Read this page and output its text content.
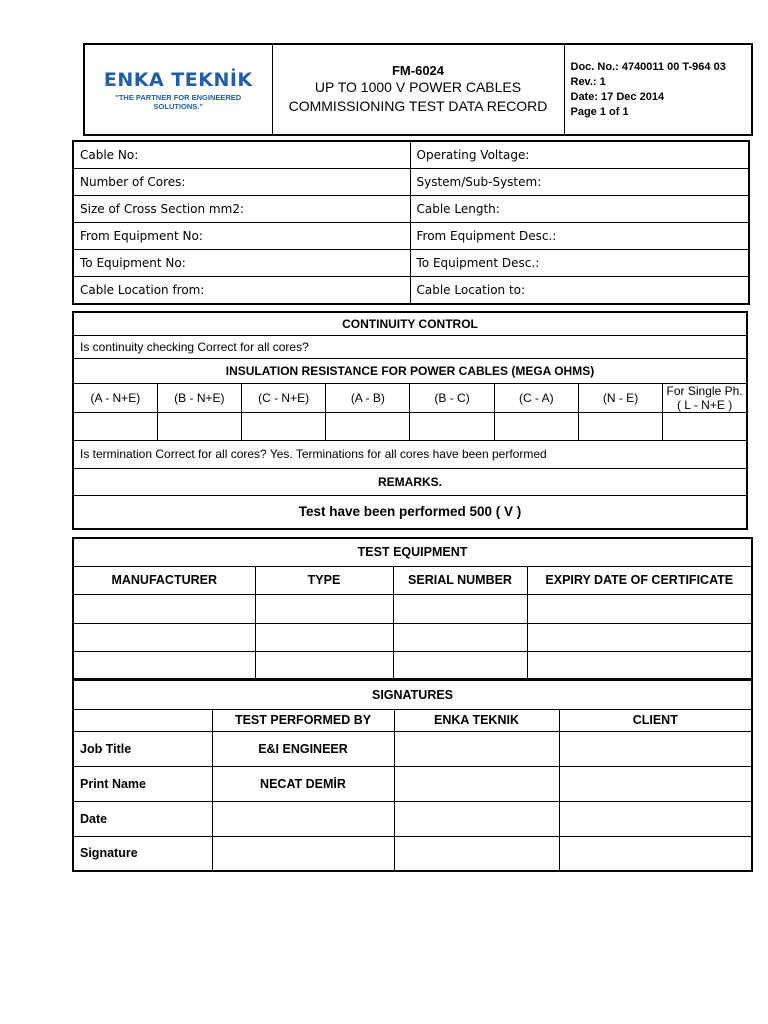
ENKA TEKNİK
"THE PARTNER FOR ENGINEERED SOLUTIONS."

FM-6024
UP TO 1000 V POWER CABLES COMMISSIONING TEST DATA RECORD

Doc. No.: 4740011 00 T-964 03
Rev.: 1
Date: 17 Dec 2014
Page 1 of 1
Cable No:	Operating Voltage:
Number of Cores:	System/Sub-System:
Size of Cross Section mm2:	Cable Length:
From Equipment No:	From Equipment Desc.:
To Equipment No:	To Equipment Desc.:
Cable Location from:	Cable Location to:
CONTINUITY CONTROL							
Is continuity checking Correct for all cores?							
INSULATION RESISTANCE FOR POWER CABLES (MEGA OHMS)							
(A - N+E)	(B - N+E)	(C - N+E)	(A - B)	(B - C)	(C - A)	(N - E)	For Single Ph.
( L - N+E )

Is termination Correct for all cores? Yes. Terminations for all cores have been performed							
REMARKS.							
Test have been performed 500 ( V )							
TEST EQUIPMENT			
MANUFACTURER	TYPE	SERIAL NUMBER	EXPIRY DATE OF CERTIFICATE

SIGNATURES			
	TEST PERFORMED BY	ENKA TEKNIK	CLIENT
Job Title	E&I ENGINEER		
Print Name	NECAT DEMİR		
Date			
Signature			
